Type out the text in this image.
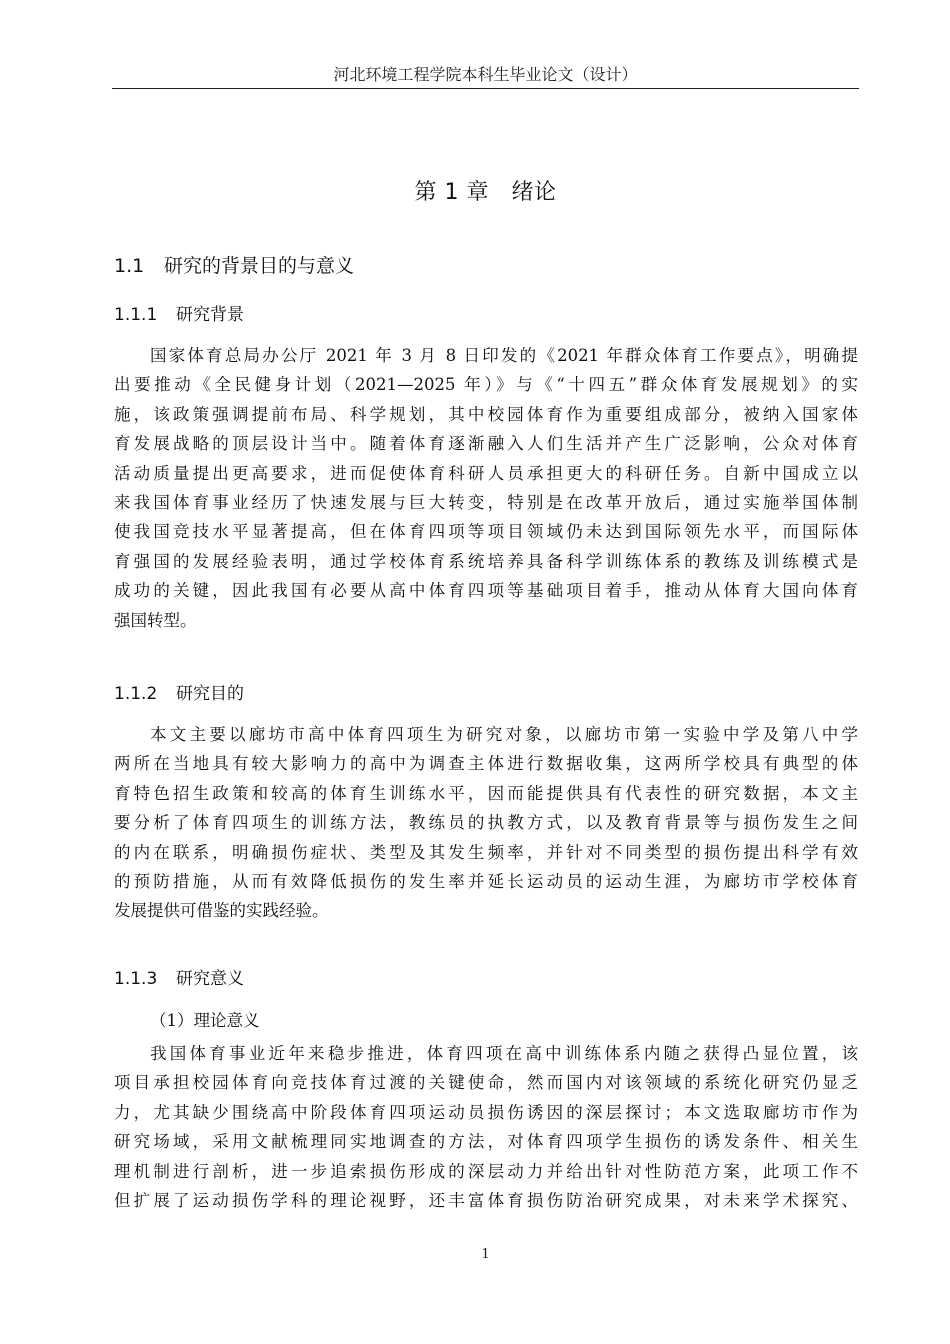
河北环境工程学院本科生毕业论文（设计）
第 1 章　绪论
1.1 研究的背景目的与意义
1.1.1 研究背景
国家体育总局办公厅 2021 年 3 月 8 日印发的《2021 年群众体育工作要点》，明确提
出要推动《全民健身计划（2021—2025 年）》与《“十四五”群众体育发展规划》的实
施，该政策强调提前布局、科学规划，其中校园体育作为重要组成部分，被纳入国家体
育发展战略的顶层设计当中。随着体育逐渐融入人们生活并产生广泛影响，公众对体育
活动质量提出更高要求，进而促使体育科研人员承担更大的科研任务。自新中国成立以
来我国体育事业经历了快速发展与巨大转变，特别是在改革开放后，通过实施举国体制
使我国竞技水平显著提高，但在体育四项等项目领域仍未达到国际领先水平，而国际体
育强国的发展经验表明，通过学校体育系统培养具备科学训练体系的教练及训练模式是
成功的关键，因此我国有必要从高中体育四项等基础项目着手，推动从体育大国向体育
强国转型。
1.1.2 研究目的
本文主要以廊坊市高中体育四项生为研究对象，以廊坊市第一实验中学及第八中学
两所在当地具有较大影响力的高中为调查主体进行数据收集，这两所学校具有典型的体
育特色招生政策和较高的体育生训练水平，因而能提供具有代表性的研究数据，本文主
要分析了体育四项生的训练方法，教练员的执教方式，以及教育背景等与损伤发生之间
的内在联系，明确损伤症状、类型及其发生频率，并针对不同类型的损伤提出科学有效
的预防措施，从而有效降低损伤的发生率并延长运动员的运动生涯，为廊坊市学校体育
发展提供可借鉴的实践经验。
1.1.3 研究意义
（1）理论意义
我国体育事业近年来稳步推进，体育四项在高中训练体系内随之获得凸显位置，该
项目承担校园体育向竞技体育过渡的关键使命，然而国内对该领域的系统化研究仍显乏
力，尤其缺少围绕高中阶段体育四项运动员损伤诱因的深层探讨；本文选取廊坊市作为
研究场域，采用文献梳理同实地调查的方法，对体育四项学生损伤的诱发条件、相关生
理机制进行剖析，进一步追索损伤形成的深层动力并给出针对性防范方案，此项工作不
但扩展了运动损伤学科的理论视野，还丰富体育损伤防治研究成果，对未来学术探究、
1
